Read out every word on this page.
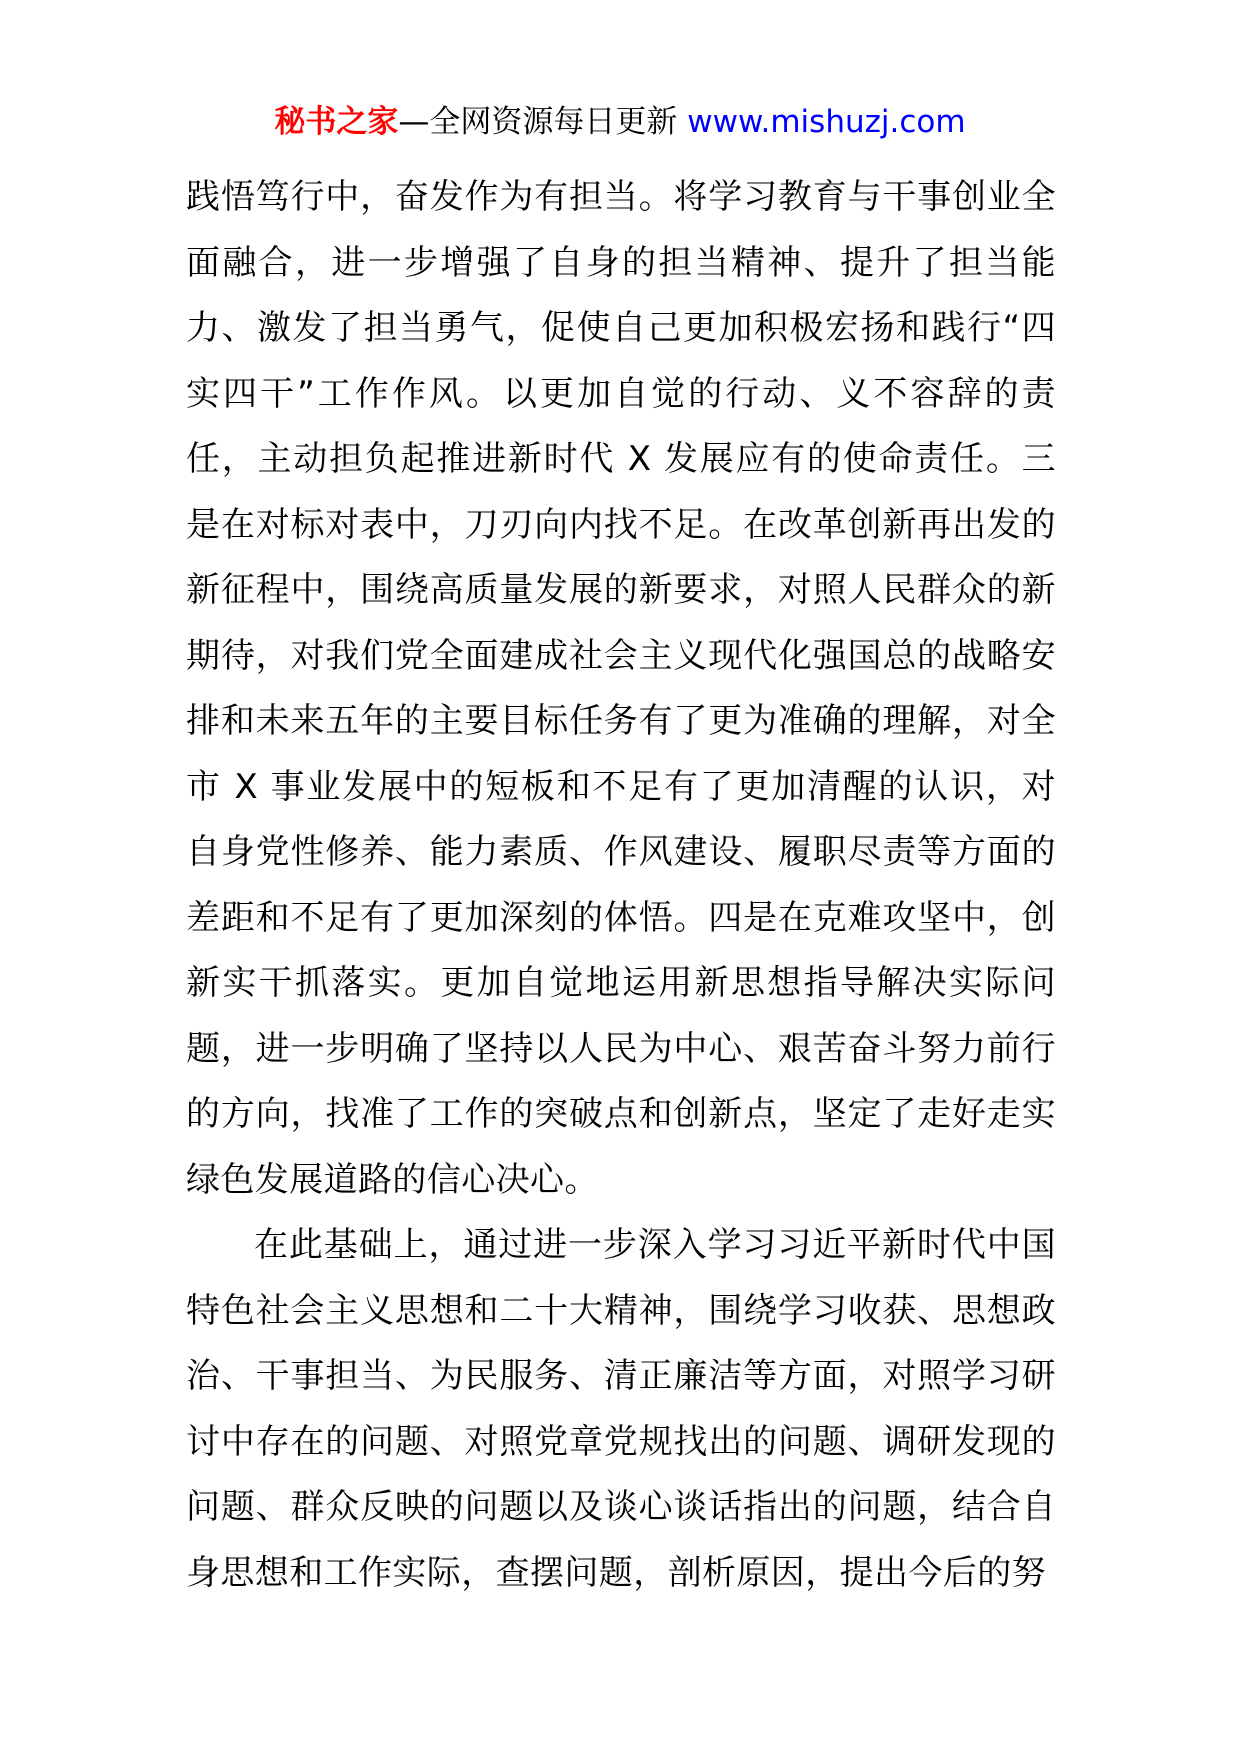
秘书之家—全网资源每日更新 www.mishuzj.com

践悟笃行中，奋发作为有担当。将学习教育与干事创业全面融合，进一步增强了自身的担当精神、提升了担当能力、激发了担当勇气，促使自己更加积极宏扬和践行“四实四干”工作作风。以更加自觉的行动、义不容辞的责任，主动担负起推进新时代 X 发展应有的使命责任。三是在对标对表中，刀刃向内找不足。在改革创新再出发的新征程中，围绕高质量发展的新要求，对照人民群众的新期待，对我们党全面建成社会主义现代化强国总的战略安排和未来五年的主要目标任务有了更为准确的理解，对全市 X 事业发展中的短板和不足有了更加清醒的认识，对自身党性修养、能力素质、作风建设、履职尽责等方面的差距和不足有了更加深刻的体悟。四是在克难攻坚中，创新实干抓落实。更加自觉地运用新思想指导解决实际问题，进一步明确了坚持以人民为中心、艰苦奋斗努力前行的方向，找准了工作的突破点和创新点，坚定了走好走实绿色发展道路的信心决心。

在此基础上，通过进一步深入学习习近平新时代中国特色社会主义思想和二十大精神，围绕学习收获、思想政治、干事担当、为民服务、清正廉洁等方面，对照学习研讨中存在的问题、对照党章党规找出的问题、调研发现的问题、群众反映的问题以及谈心谈话指出的问题，结合自身思想和工作实际，查摆问题，剖析原因，提出今后的努
